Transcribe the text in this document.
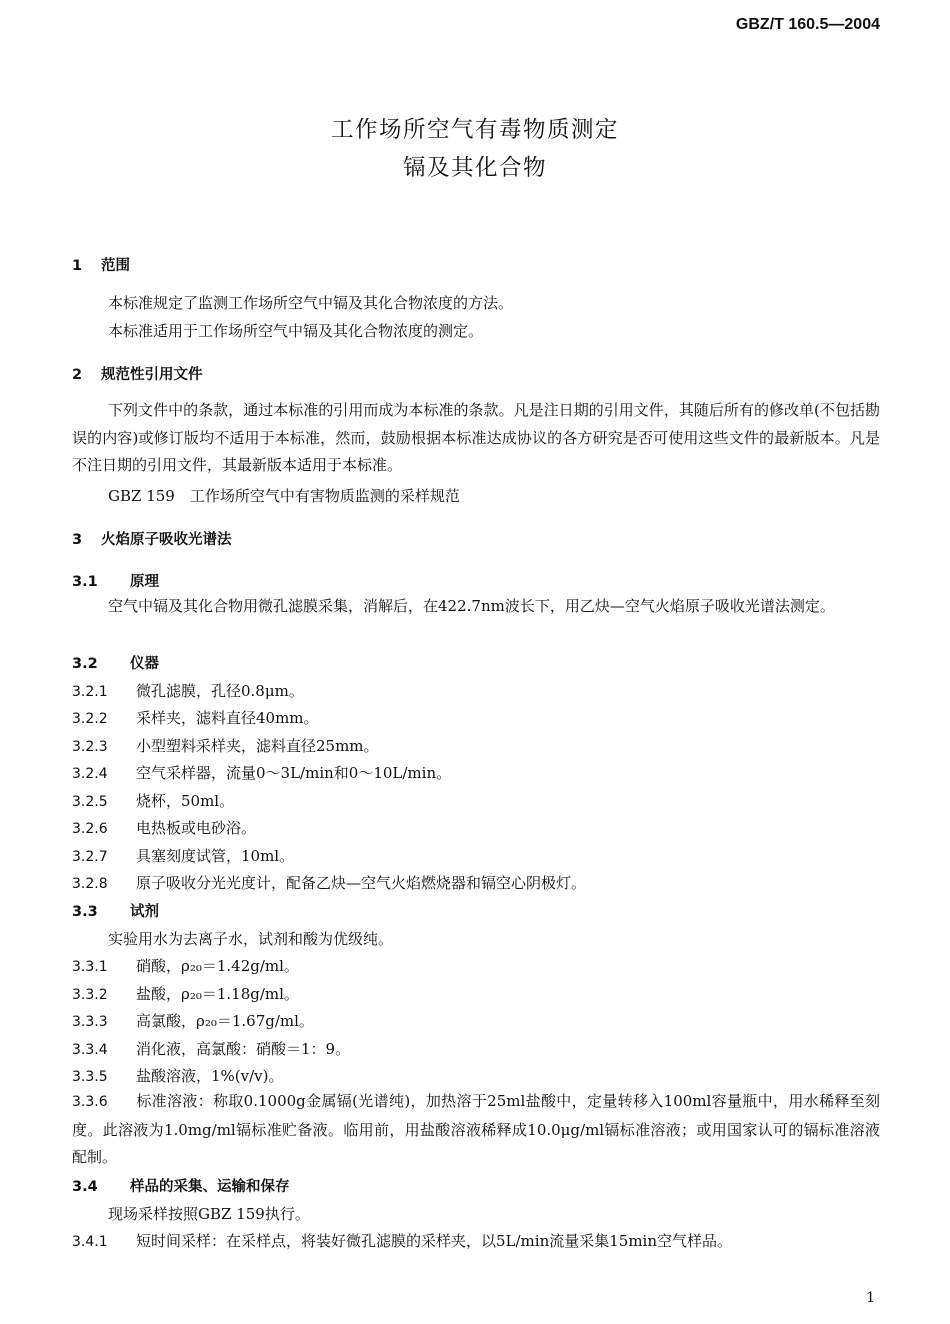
GBZ/T 160.5—2004
工作场所空气有毒物质测定
镉及其化合物
1 范围
本标准规定了监测工作场所空气中镉及其化合物浓度的方法。
本标准适用于工作场所空气中镉及其化合物浓度的测定。
2 规范性引用文件
下列文件中的条款，通过本标准的引用而成为本标准的条款。凡是注日期的引用文件，其随后所有的修改单(不包括勘误的内容)或修订版均不适用于本标准，然而，鼓励根据本标准达成协议的各方研究是否可使用这些文件的最新版本。凡是不注日期的引用文件，其最新版本适用于本标准。
GBZ 159　工作场所空气中有害物质监测的采样规范
3 火焰原子吸收光谱法
3.1 原理
空气中镉及其化合物用微孔滤膜采集，消解后，在422.7nm波长下，用乙炔—空气火焰原子吸收光谱法测定。
3.2 仪器
3.2.1 微孔滤膜，孔径0.8μm。
3.2.2 采样夹，滤料直径40mm。
3.2.3 小型塑料采样夹，滤料直径25mm。
3.2.4 空气采样器，流量0～3L/min和0～10L/min。
3.2.5 烧杯，50ml。
3.2.6 电热板或电砂浴。
3.2.7 具塞刻度试管，10ml。
3.2.8 原子吸收分光光度计，配备乙炔—空气火焰燃烧器和镉空心阴极灯。
3.3 试剂
实验用水为去离子水，试剂和酸为优级纯。
3.3.1 硝酸，ρ₂₀＝1.42g/ml。
3.3.2 盐酸，ρ₂₀＝1.18g/ml。
3.3.3 高氯酸，ρ₂₀＝1.67g/ml。
3.3.4 消化液，高氯酸：硝酸＝1：9。
3.3.5 盐酸溶液，1%(v/v)。
3.3.6 标准溶液：称取0.1000g金属镉(光谱纯)，加热溶于25ml盐酸中，定量转移入100ml容量瓶中，用水稀释至刻度。此溶液为1.0mg/ml镉标准贮备液。临用前，用盐酸溶液稀释成10.0μg/ml镉标准溶液；或用国家认可的镉标准溶液配制。
3.4 样品的采集、运输和保存
现场采样按照GBZ 159执行。
3.4.1 短时间采样：在采样点，将装好微孔滤膜的采样夹，以5L/min流量采集15min空气样品。
1
